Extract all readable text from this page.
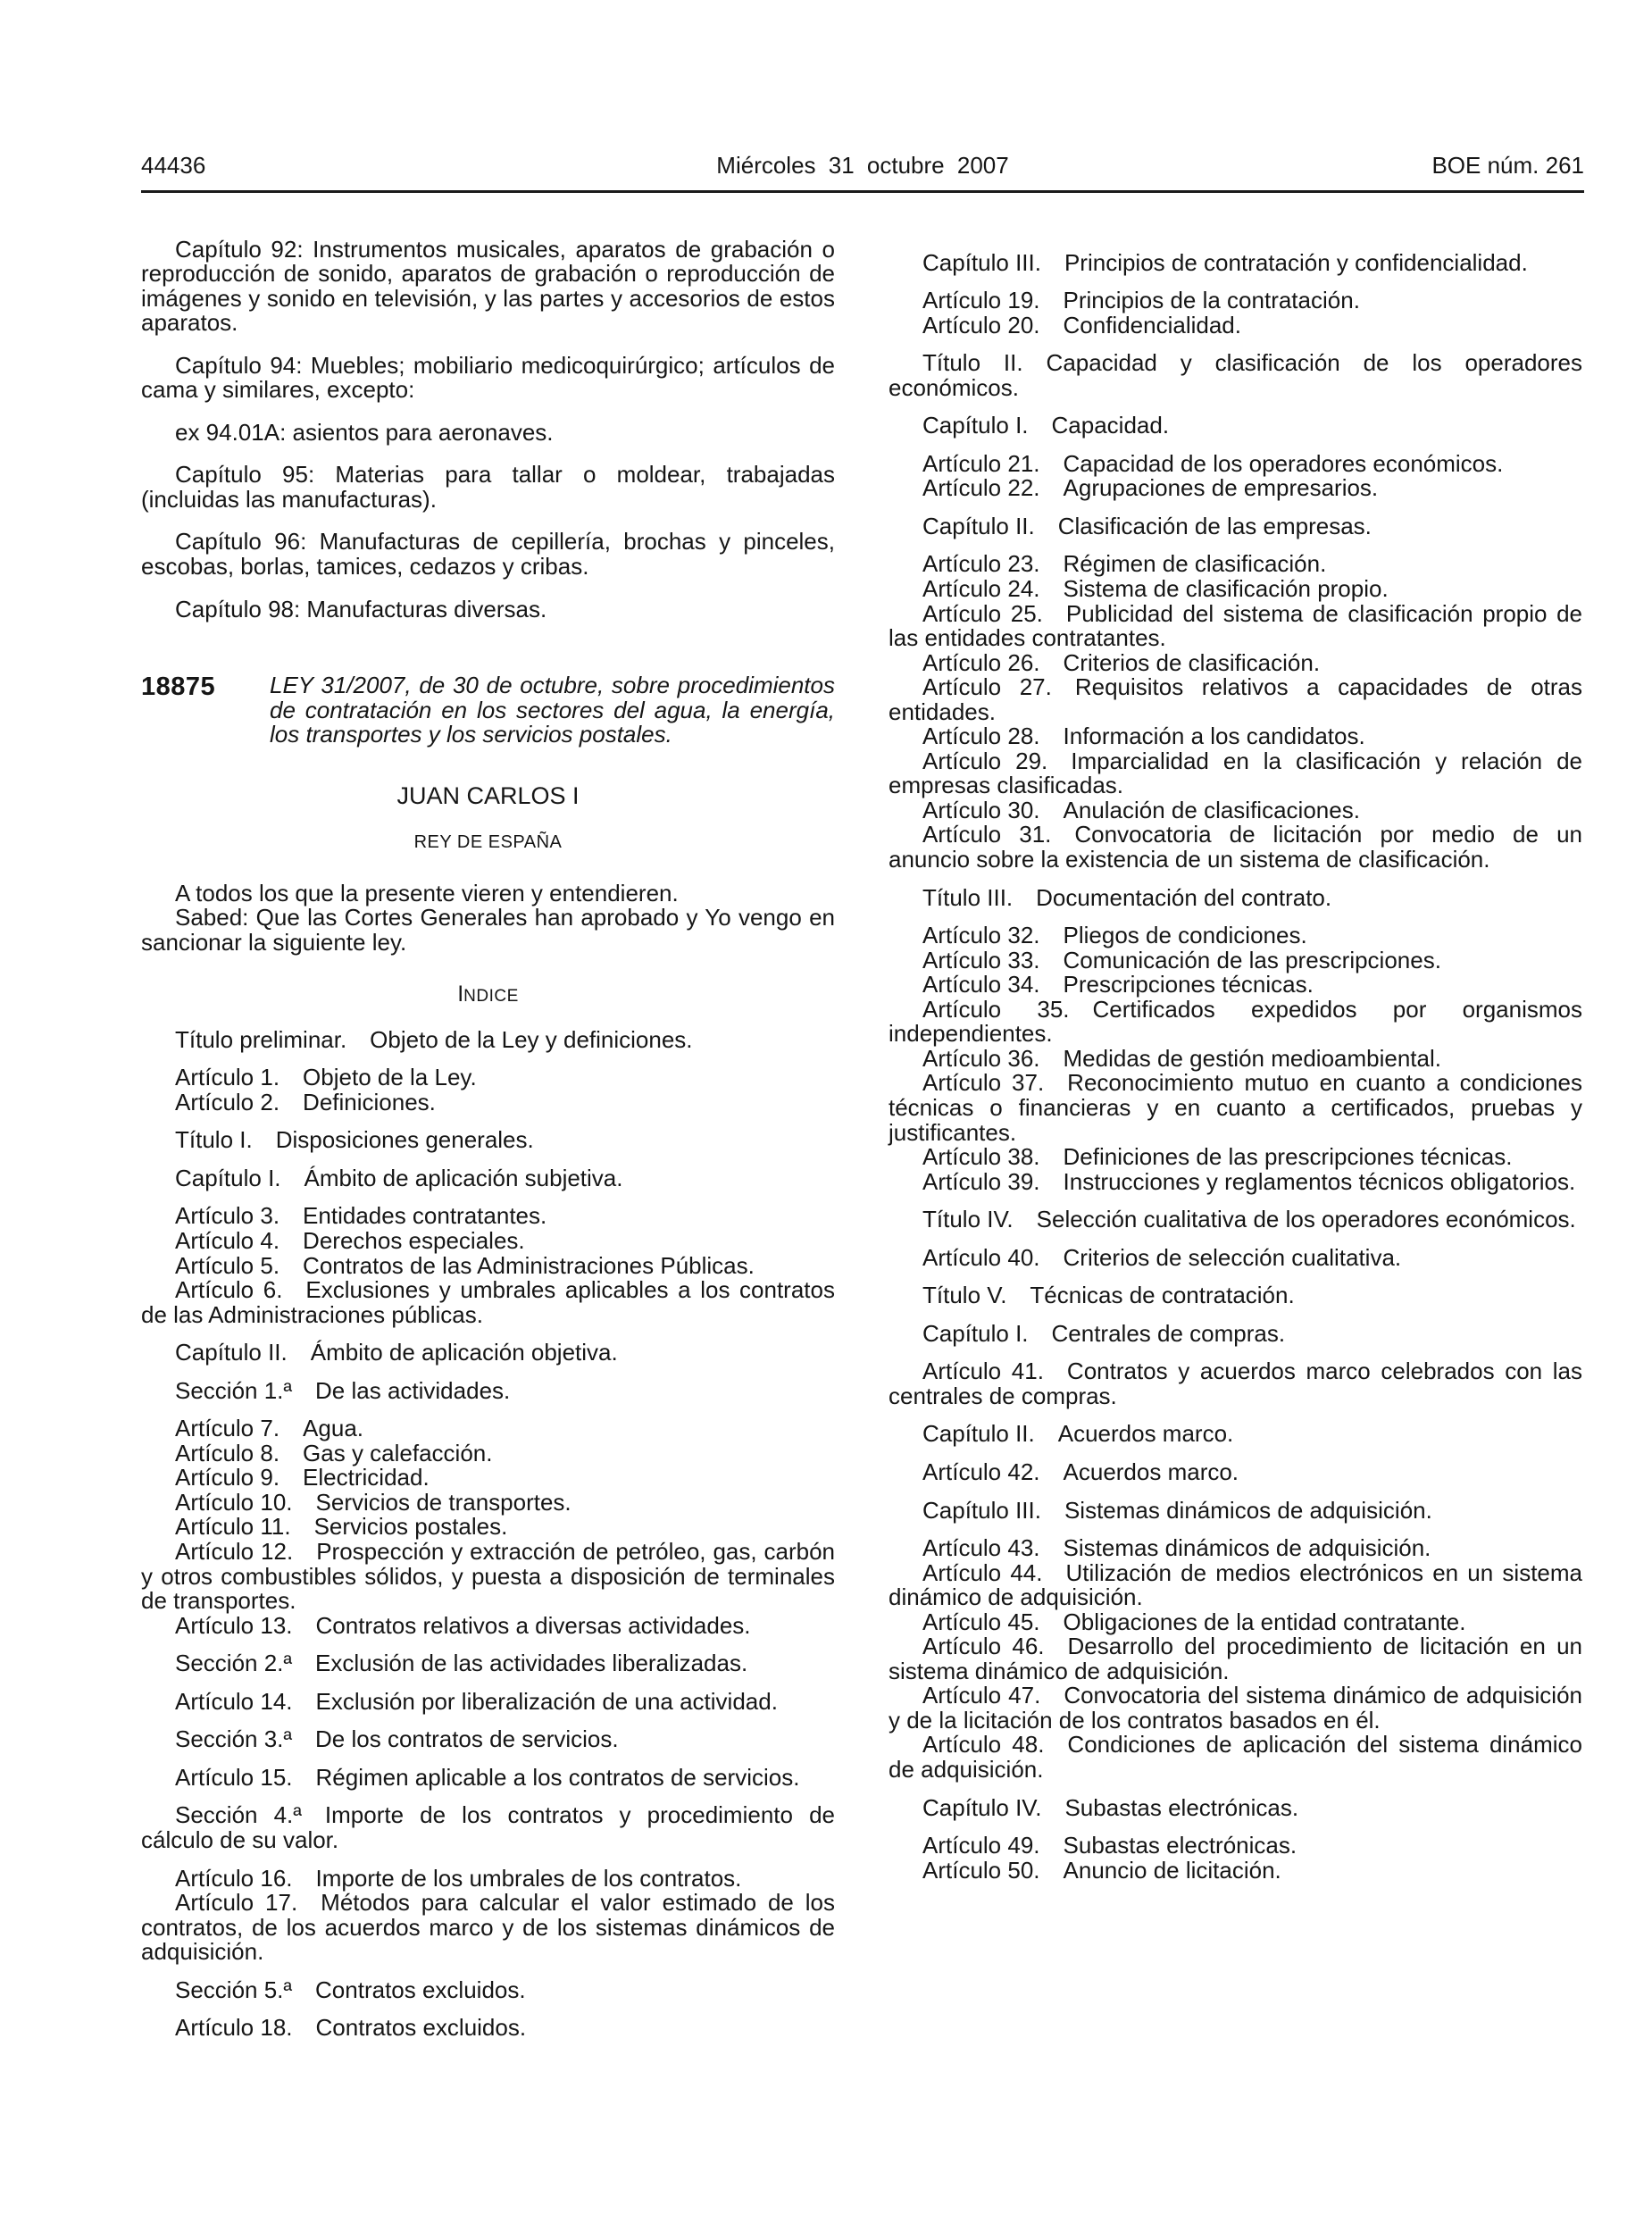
44436	Miércoles 31 octubre 2007	BOE núm. 261

Capítulo 92: Instrumentos musicales, aparatos de grabación o reproducción de sonido, aparatos de grabación o reproducción de imágenes y sonido en televisión, y las partes y accesorios de estos aparatos.

Capítulo 94: Muebles; mobiliario medicoquirúrgico; artículos de cama y similares, excepto:

ex 94.01A: asientos para aeronaves.

Capítulo 95: Materias para tallar o moldear, trabajadas (incluidas las manufacturas).

Capítulo 96: Manufacturas de cepillería, brochas y pinceles, escobas, borlas, tamices, cedazos y cribas.

Capítulo 98: Manufacturas diversas.

18875	LEY 31/2007, de 30 de octubre, sobre procedimientos de contratación en los sectores del agua, la energía, los transportes y los servicios postales.

JUAN CARLOS I

REY DE ESPAÑA

A todos los que la presente vieren y entendieren.

Sabed: Que las Cortes Generales han aprobado y Yo vengo en sancionar la siguiente ley.

INDICE

Título preliminar. Objeto de la Ley y definiciones.

Artículo 1. Objeto de la Ley.

Artículo 2. Definiciones.

Título I. Disposiciones generales.

Capítulo I. Ámbito de aplicación subjetiva.

Artículo 3. Entidades contratantes.

Artículo 4. Derechos especiales.

Artículo 5. Contratos de las Administraciones Públicas.

Artículo 6. Exclusiones y umbrales aplicables a los contratos de las Administraciones públicas.

Capítulo II. Ámbito de aplicación objetiva.

Sección 1.ª De las actividades.

Artículo 7. Agua.

Artículo 8. Gas y calefacción.

Artículo 9. Electricidad.

Artículo 10. Servicios de transportes.

Artículo 11. Servicios postales.

Artículo 12. Prospección y extracción de petróleo, gas, carbón y otros combustibles sólidos, y puesta a disposición de terminales de transportes.

Artículo 13. Contratos relativos a diversas actividades.

Sección 2.ª Exclusión de las actividades liberalizadas.

Artículo 14. Exclusión por liberalización de una actividad.

Sección 3.ª De los contratos de servicios.

Artículo 15. Régimen aplicable a los contratos de servicios.

Sección 4.ª Importe de los contratos y procedimiento de cálculo de su valor.

Artículo 16. Importe de los umbrales de los contratos.

Artículo 17. Métodos para calcular el valor estimado de los contratos, de los acuerdos marco y de los sistemas dinámicos de adquisición.

Sección 5.ª Contratos excluidos.

Artículo 18. Contratos excluidos.

Capítulo III. Principios de contratación y confidencialidad.

Artículo 19. Principios de la contratación.

Artículo 20. Confidencialidad.

Título II. Capacidad y clasificación de los operadores económicos.

Capítulo I. Capacidad.

Artículo 21. Capacidad de los operadores económicos.

Artículo 22. Agrupaciones de empresarios.

Capítulo II. Clasificación de las empresas.

Artículo 23. Régimen de clasificación.

Artículo 24. Sistema de clasificación propio.

Artículo 25. Publicidad del sistema de clasificación propio de las entidades contratantes.

Artículo 26. Criterios de clasificación.

Artículo 27. Requisitos relativos a capacidades de otras entidades.

Artículo 28. Información a los candidatos.

Artículo 29. Imparcialidad en la clasificación y relación de empresas clasificadas.

Artículo 30. Anulación de clasificaciones.

Artículo 31. Convocatoria de licitación por medio de un anuncio sobre la existencia de un sistema de clasificación.

Título III. Documentación del contrato.

Artículo 32. Pliegos de condiciones.

Artículo 33. Comunicación de las prescripciones.

Artículo 34. Prescripciones técnicas.

Artículo 35. Certificados expedidos por organismos independientes.

Artículo 36. Medidas de gestión medioambiental.

Artículo 37. Reconocimiento mutuo en cuanto a condiciones técnicas o financieras y en cuanto a certificados, pruebas y justificantes.

Artículo 38. Definiciones de las prescripciones técnicas.

Artículo 39. Instrucciones y reglamentos técnicos obligatorios.

Título IV. Selección cualitativa de los operadores económicos.

Artículo 40. Criterios de selección cualitativa.

Título V. Técnicas de contratación.

Capítulo I. Centrales de compras.

Artículo 41. Contratos y acuerdos marco celebrados con las centrales de compras.

Capítulo II. Acuerdos marco.

Artículo 42. Acuerdos marco.

Capítulo III. Sistemas dinámicos de adquisición.

Artículo 43. Sistemas dinámicos de adquisición.

Artículo 44. Utilización de medios electrónicos en un sistema dinámico de adquisición.

Artículo 45. Obligaciones de la entidad contratante.

Artículo 46. Desarrollo del procedimiento de licitación en un sistema dinámico de adquisición.

Artículo 47. Convocatoria del sistema dinámico de adquisición y de la licitación de los contratos basados en él.

Artículo 48. Condiciones de aplicación del sistema dinámico de adquisición.

Capítulo IV. Subastas electrónicas.

Artículo 49. Subastas electrónicas.

Artículo 50. Anuncio de licitación.
